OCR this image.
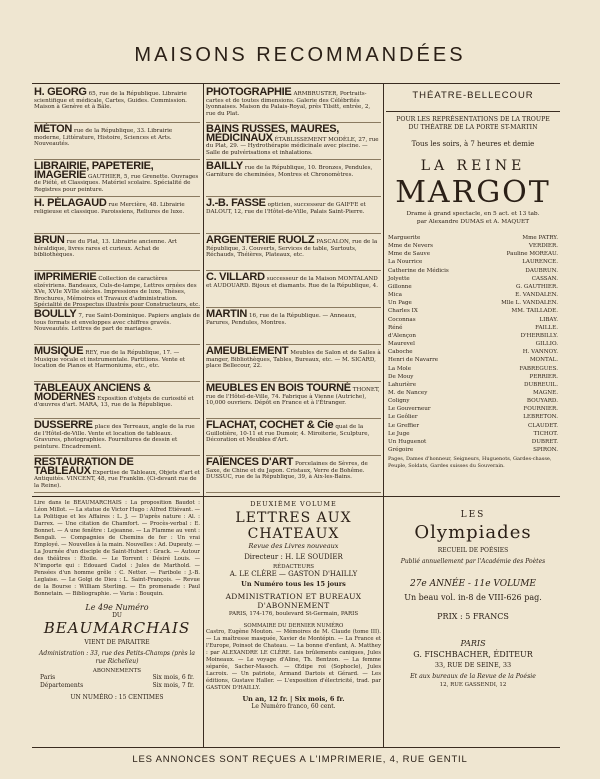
MAISONS RECOMMANDÉES
H. GEORG 65, rue de la République. Librairie scientifique et médicale, Cartes, Guides. Commission. Maison à Genève et à Bâle.
MÉTON rue de la République, 33. Librairie moderne, Littérature, Histoire, Sciences et Arts. Nouveautés.
LIBRAIRIE, PAPETERIE, IMAGERIE GAUTHIER, 5, rue Grenette. Ouvrages de Piété, et Classiques. Matériel scolaire. Spécialité de Registres pour peinture.
H. PÉLAGAUD rue Mercière, 48. Librairie religieuse et classique. Paroissiens, Reliures de luxe.
BRUN rue du Plat, 13. Librairie ancienne. Art héraldique, livres rares et curieux. Achat de bibliothèques.
IMPRIMERIE Collection de caractères elzéviriens. Bandeaux, Culs-de-lampe, Lettres ornées des XVe, XVIe XVIIe siècles. Impressions de luxe, Thèses, Brochures, Mémoires et Travaux d'administration. Spécialité de Prospectus illustrés pour Constructeurs, etc.
BOULLY 7, rue Saint-Dominique. Papiers anglais de tous formats et enveloppes avec chiffres gravés. Nouveautés. Lettres de part de mariages.
MUSIQUE REY, rue de la République, 17. — Musique vocale et instrumentale. Partitions. Vente et location de Pianos et Harmoniums, etc., etc.
TABLEAUX ANCIENS & MODERNES Exposition d'objets de curiosité et d'œuvres d'art. MARA, 13, rue de la République.
DUSSERRE place des Terreaux, angle de la rue de l'Hôtel-de-Ville. Vente et location de tableaux. Gravures, photographies. Fournitures de dessin et peinture. Encadrement.
RESTAURATION DE TABLEAUX Expertise de Tableaux, Objets d'art et Antiquités. VINCENT, 48, rue Franklin. (Ci-devant rue de la Reine).
PHOTOGRAPHIE ARMBRUSTER, Portraits-cartes et de toutes dimensions. Galerie des Célébrités lyonnaises. Maison du Palais-Royal, près Tilsitt, entrée, 2, rue du Plat.
BAINS RUSSES, MAURES, MÉDICINAUX ÉTABLISSEMENT MODÈLE, 27, rue du Plat, 29. — Hydrothérapie médicinale avec piscine. — Salle de pulvérisations et inhalations.
BAILLY rue de la République, 10. Bronzes, Pendules, Garniture de cheminées, Montres et Chronomètres.
J.-B. FASSE opticien, successeur de GAIFFE et DALOUT, 12, rue de l'Hôtel-de-Ville, Palais Saint-Pierre.
ARGENTERIE RUOLZ PASCALON, rue de la République, 3. Couverts, Services de table, Surtouts, Réchauds, Théières, Plateaux, etc.
C. VILLARD successeur de la Maison MONTALAND et AUDOUARD. Bijoux et diamants. Rue de la République, 4.
MARTIN 16, rue de la République. — Anneaux, Parures, Pendules, Montres.
AMEUBLEMENT Meubles de Salon et de Salles à manger, Bibliothèques, Tables, Bureaux, etc. — M. SICARD, place Bellecour, 22.
MEUBLES EN BOIS TOURNÉ THONET, rue de l'Hôtel-de-Ville, 74. Fabrique à Vienne (Autriche), 10,000 ouvriers. Dépôt en France et à l'Étranger.
FLACHAT, COCHET & Cie quai de la Guillotière, 10-11 et rue Dumoir, 4. Miroiterie, Sculpture, Décoration et Meubles d'Art.
FAÏENCES D'ART Porcelaines de Sèvres, de Saxe, de Chine et du Japon. Cristaux, Verre de Bohême. DUSSUC, rue de la République, 39, à Aix-les-Bains.
THÉATRE-BELLECOUR
POUR LES REPRÉSENTATIONS DE LA TROUPE DU THÉATRE DE LA PORTE ST-MARTIN
Tous les soirs, à 7 heures et demie
LA REINE
MARGOT
Drame à grand spectacle, en 5 act. et 13 tab.
par Alexandre DUMAS et A. MAQUET
Marguerite	Mme PATRY.
Mme de Nevers	VERDIER.
Mme de Sauve	Pauline MOREAU.
La Nourrice	LAURENCE.
Catherine de Médicis	DAUBRUN.
Jolyette	CASSAN.
Gillonne	G. GAUTHIER.
Mica	E. VANDALEN.
Un Page	Mlle L. VANDALEN.
Charles IX	MM. TAILLADE.
Coconnas	LIBAY.
Réné	FAILLE.
d'Alençon	D'HERBILLY.
Maurevel	GILLIO.
Caboche	H. VANNOY.
Henri de Navarre	MONTAL.
La Mole	FABREGUES.
De Mouy	PERRIER.
Lahurière	DUBREUIL.
M. de Nancey	MAGNE.
Coligny	BOUYARD.
Le Gouverneur	FOURNIER.
Le Geôlier	LEBRETON.
Le Greffier	CLAUDET.
Le Juge	TICHOT.
Un Huguenot	DUBRET.
Grégoire	SPIRON.
Pages, Dames d'honneur, Seigneurs, Huguenots, Gardes-chasse, Peuple, Soldats, Gardes suisses du Souverain.
Lire dans le BEAUMARCHAIS : La proposition Baudot : Léon Millot. — La statue de Victor Hugo : Alfred Etiévant. — La Politique et les Affaires : L. J. — D'après nature : Al. : Darrex. — Une citation de Chamfort. — Procès-verbal : E. Bonnet. — A une fenêtre : Lejeanne. — La Flamme au vent : Bengali. — Compagnies de Chemins de fer : Un vrai Employé. — Nouvelles à la main. Nouvelles : Ad. Dupeuty. — La Journée d'un disciple de Saint-Hubert : Grack. — Autour des théâtres : Étoile. — Le Torrent : Désiré Louis. — N'importe qui : Edouard Cadol : Jules de Marthold. — Pensées d'un homme grêle : C. Netter. — Faribole : J.-B. Leglaise. — Le Golgi de Dieu : L. Saint-François. — Revue de la Bourse : William Sterling. — En promenade : Paul Bonnetain. — Bibliographie. — Varia : Bouquin.
Le 49e Numéro
DU
BEAUMARCHAIS
VIENT DE PARAITRE
Administration : 33, rue des Petits-Champs (près la rue Richelieu)
ABONNEMENTS
Paris	Six mois, 6 fr.
Départements	Six mois, 7 fr.
UN NUMÉRO : 15 CENTIMES
DEUXIÈME VOLUME
LETTRES AUX CHATEAUX
Revue des Livres nouveaux
Directeur : H. LE SOUDIER
RÉDACTEURS
A. LE CLÈRE — GASTON D'HAILLY
Un Numéro tous les 15 jours
ADMINISTRATION ET BUREAUX D'ABONNEMENT
PARIS, 174-176, boulevard St-Germain, PARIS
SOMMAIRE DU DERNIER NUMÉRO
Castro, Eugène Mouton. — Mémoires de M. Claude (tome III). — La maîtresse masquée, Xavier de Montépin. — La France et l'Europe, Poinsot de Chateau. — La bonne d'enfant, A. Matthey : par ALEXANDRE LE CLÈRE. Les brûlements caniques, Jules Moineaux. — Le voyage d'Aline, Th. Bentzon. — La femme séparée, Sacher-Masoch. — Œdipe roi (Sophocle), Jules Lacroix. — Un patriote, Armand Dartois et Gérard. — Les éditions, Gustave Haller. — L'exposition d'électricité, trad. par GASTON D'HAILLY.
Un an, 12 fr. | Six mois, 6 fr.
Le Numéro franco, 60 cent.
LES
Olympiades
RECUEIL DE POÉSIES
Publié annuellement par l'Académie des Poètes
27e ANNÉE - 11e VOLUME
Un beau vol. in-8 de VIII-626 pag.
PRIX : 5 FRANCS
PARIS
G. FISCHBACHER, ÉDITEUR
33, RUE DE SEINE, 33
Et aux bureaux de la Revue de la Poésie
12, RUE GASSENDI, 12
LES ANNONCES SONT REÇUES A L'IMPRIMERIE, 4, RUE GENTIL
